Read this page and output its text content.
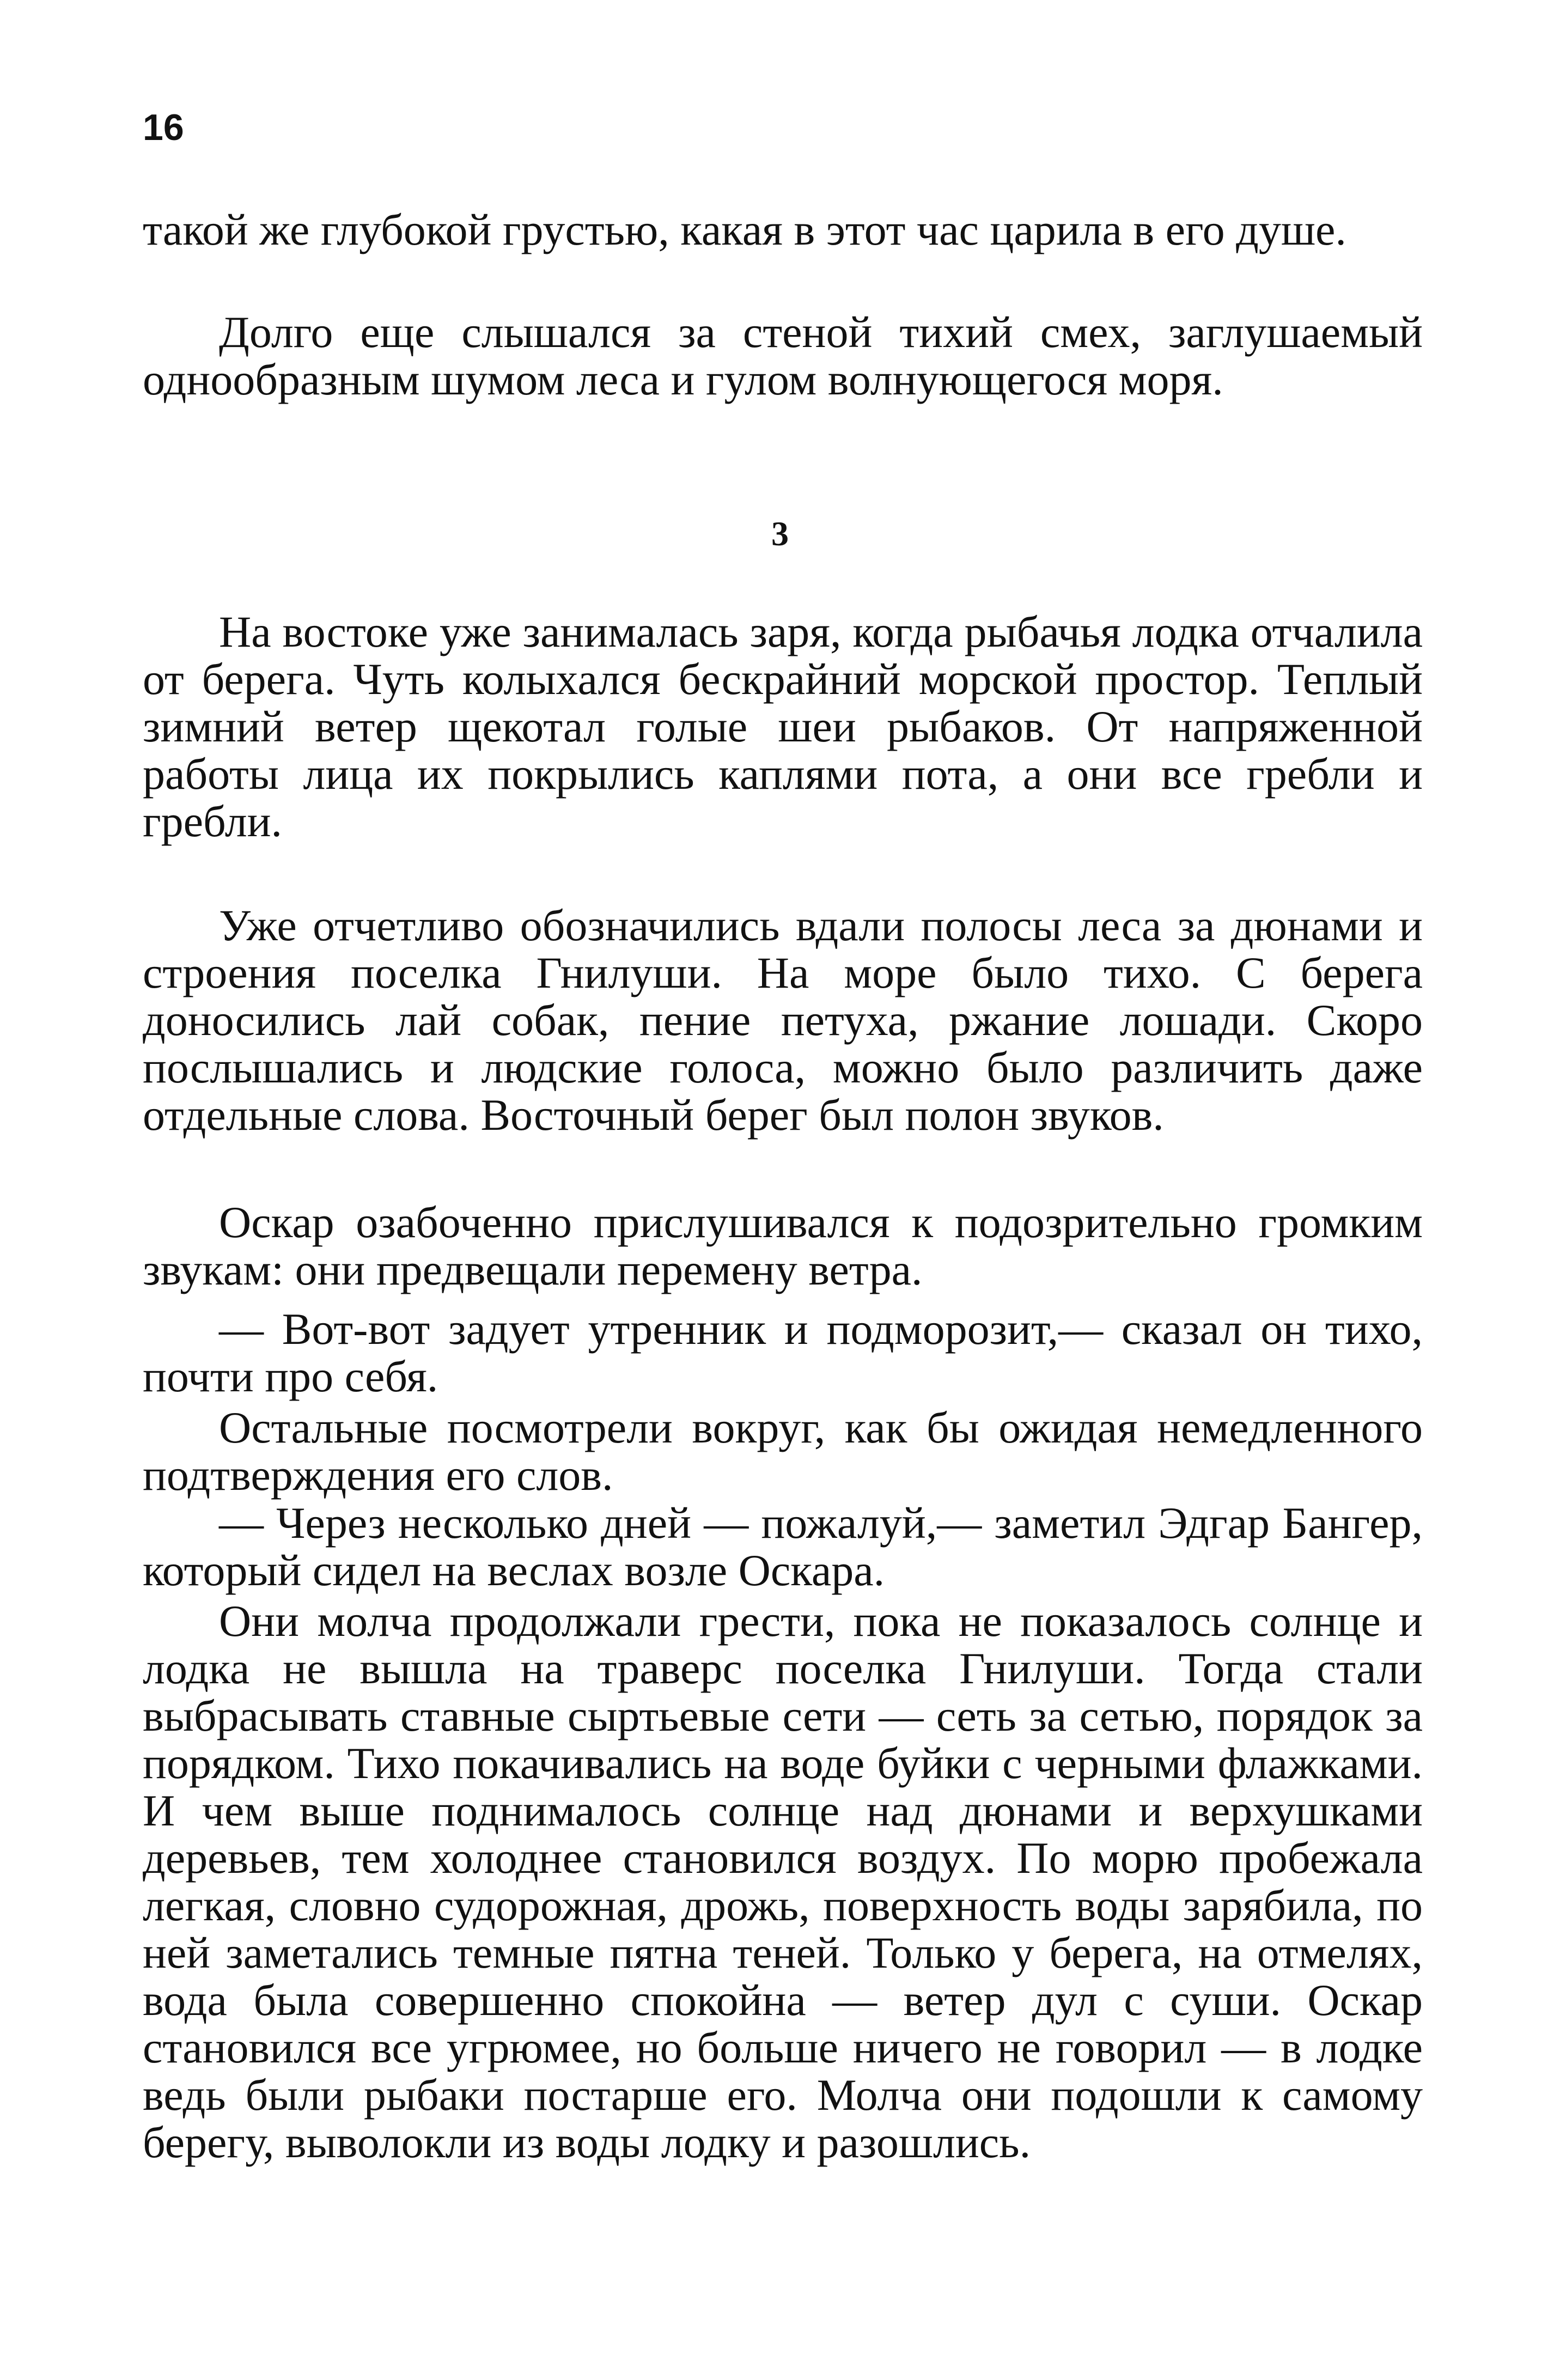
16

такой же глубокой грустью, какая в этот час царила в его душе.

Долго еще слышался за стеной тихий смех, заглушаемый однообразным шумом леса и гулом волнующегося моря.

3

На востоке уже занималась заря, когда рыбачья лодка отчалила от берега. Чуть колыхался бескрайний морской простор. Теплый зимний ветер щекотал голые шеи рыбаков. От напряженной работы лица их покрылись каплями пота, а они все гребли и гребли.

Уже отчетливо обозначились вдали полосы леса за дюнами и строения поселка Гнилуши. На море было тихо. С берега доносились лай собак, пение петуха, ржание лошади. Скоро послышались и людские голоса, можно было различить даже отдельные слова. Восточный берег был полон звуков.

Оскар озабоченно прислушивался к подозрительно громким звукам: они предвещали перемену ветра.

— Вот-вот задует утренник и подморозит,— сказал он тихо, почти про себя.

Остальные посмотрели вокруг, как бы ожидая немедленного подтверждения его слов.

— Через несколько дней — пожалуй,— заметил Эдгар Бангер, который сидел на веслах возле Оскара.

Они молча продолжали грести, пока не показалось солнце и лодка не вышла на траверс поселка Гнилуши. Тогда стали выбрасывать ставные сыртьевые сети — сеть за сетью, порядок за порядком. Тихо покачивались на воде буйки с черными флажками. И чем выше поднималось солнце над дюнами и верхушками деревьев, тем холоднее становился воздух. По морю пробежала легкая, словно судорожная, дрожь, поверхность воды зарябила, по ней заметались темные пятна теней. Только у берега, на отмелях, вода была совершенно спокойна — ветер дул с суши. Оскар становился все угрюмее, но больше ничего не говорил — в лодке ведь были рыбаки постарше его. Молча они подошли к самому берегу, выволокли из воды лодку и разошлись.
